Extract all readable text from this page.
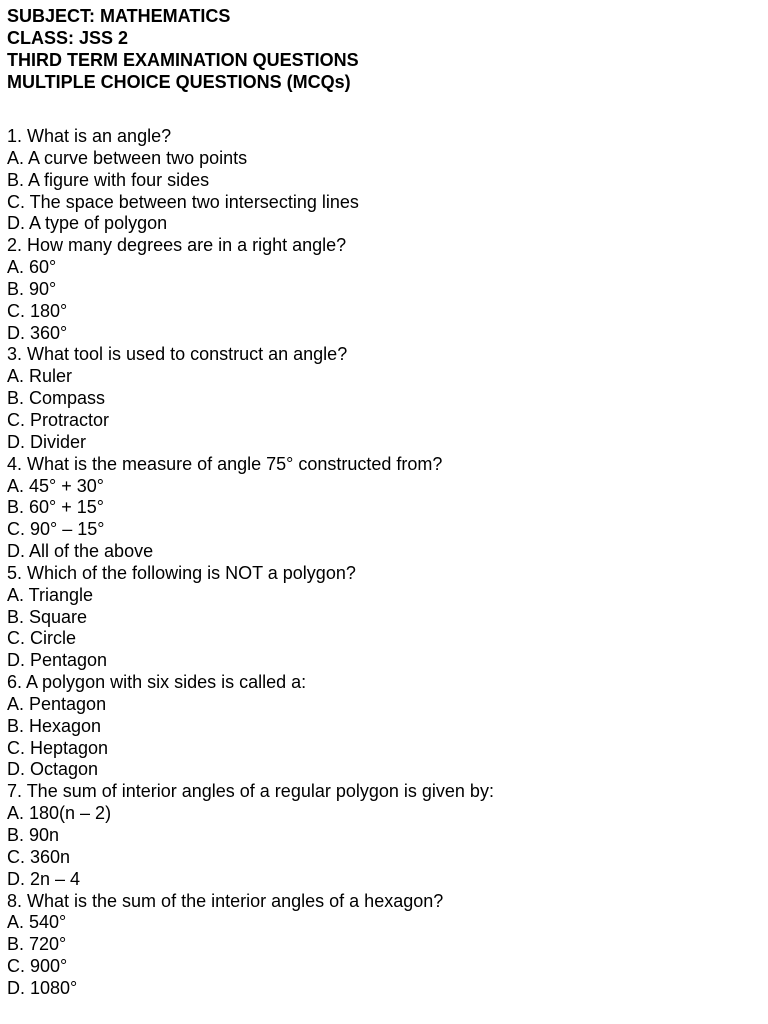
SUBJECT: MATHEMATICS
CLASS: JSS 2
THIRD TERM EXAMINATION QUESTIONS
MULTIPLE CHOICE QUESTIONS (MCQs)
1. What is an angle?
A. A curve between two points
B. A figure with four sides
C. The space between two intersecting lines
D. A type of polygon
2. How many degrees are in a right angle?
A. 60°
B. 90°
C. 180°
D. 360°
3. What tool is used to construct an angle?
A. Ruler
B. Compass
C. Protractor
D. Divider
4. What is the measure of angle 75° constructed from?
A. 45° + 30°
B. 60° + 15°
C. 90° – 15°
D. All of the above
5. Which of the following is NOT a polygon?
A. Triangle
B. Square
C. Circle
D. Pentagon
6. A polygon with six sides is called a:
A. Pentagon
B. Hexagon
C. Heptagon
D. Octagon
7. The sum of interior angles of a regular polygon is given by:
A. 180(n – 2)
B. 90n
C. 360n
D. 2n – 4
8. What is the sum of the interior angles of a hexagon?
A. 540°
B. 720°
C. 900°
D. 1080°
